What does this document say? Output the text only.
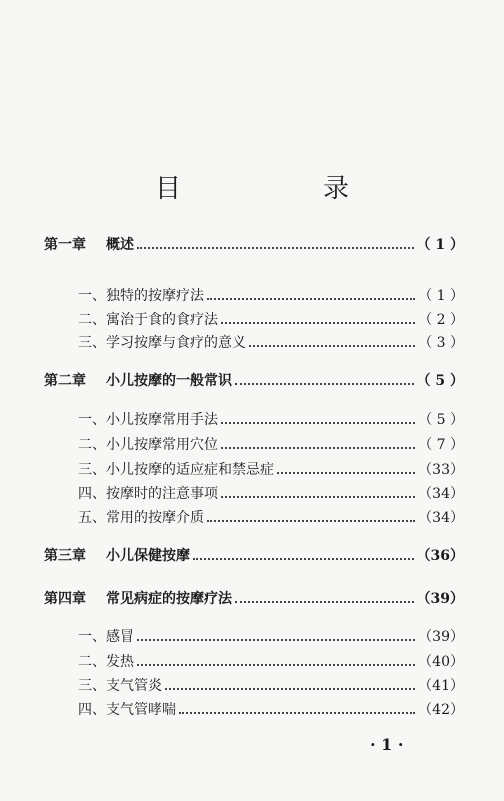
目　录
第一章	概述	（ 1 ）
一、独特的按摩疗法	（ 1 ）
二、寓治于食的食疗法	（ 2 ）
三、学习按摩与食疗的意义	（ 3 ）
第二章	小儿按摩的一般常识	（ 5 ）
一、小儿按摩常用手法	（ 5 ）
二、小儿按摩常用穴位	（ 7 ）
三、小儿按摩的适应症和禁忌症	（33）
四、按摩时的注意事项	（34）
五、常用的按摩介质	（34）
第三章	小儿保健按摩	（36）
第四章	常见病症的按摩疗法	（39）
一、感冒	（39）
二、发热	（40）
三、支气管炎	（41）
四、支气管哮喘	（42）
· 1 ·
